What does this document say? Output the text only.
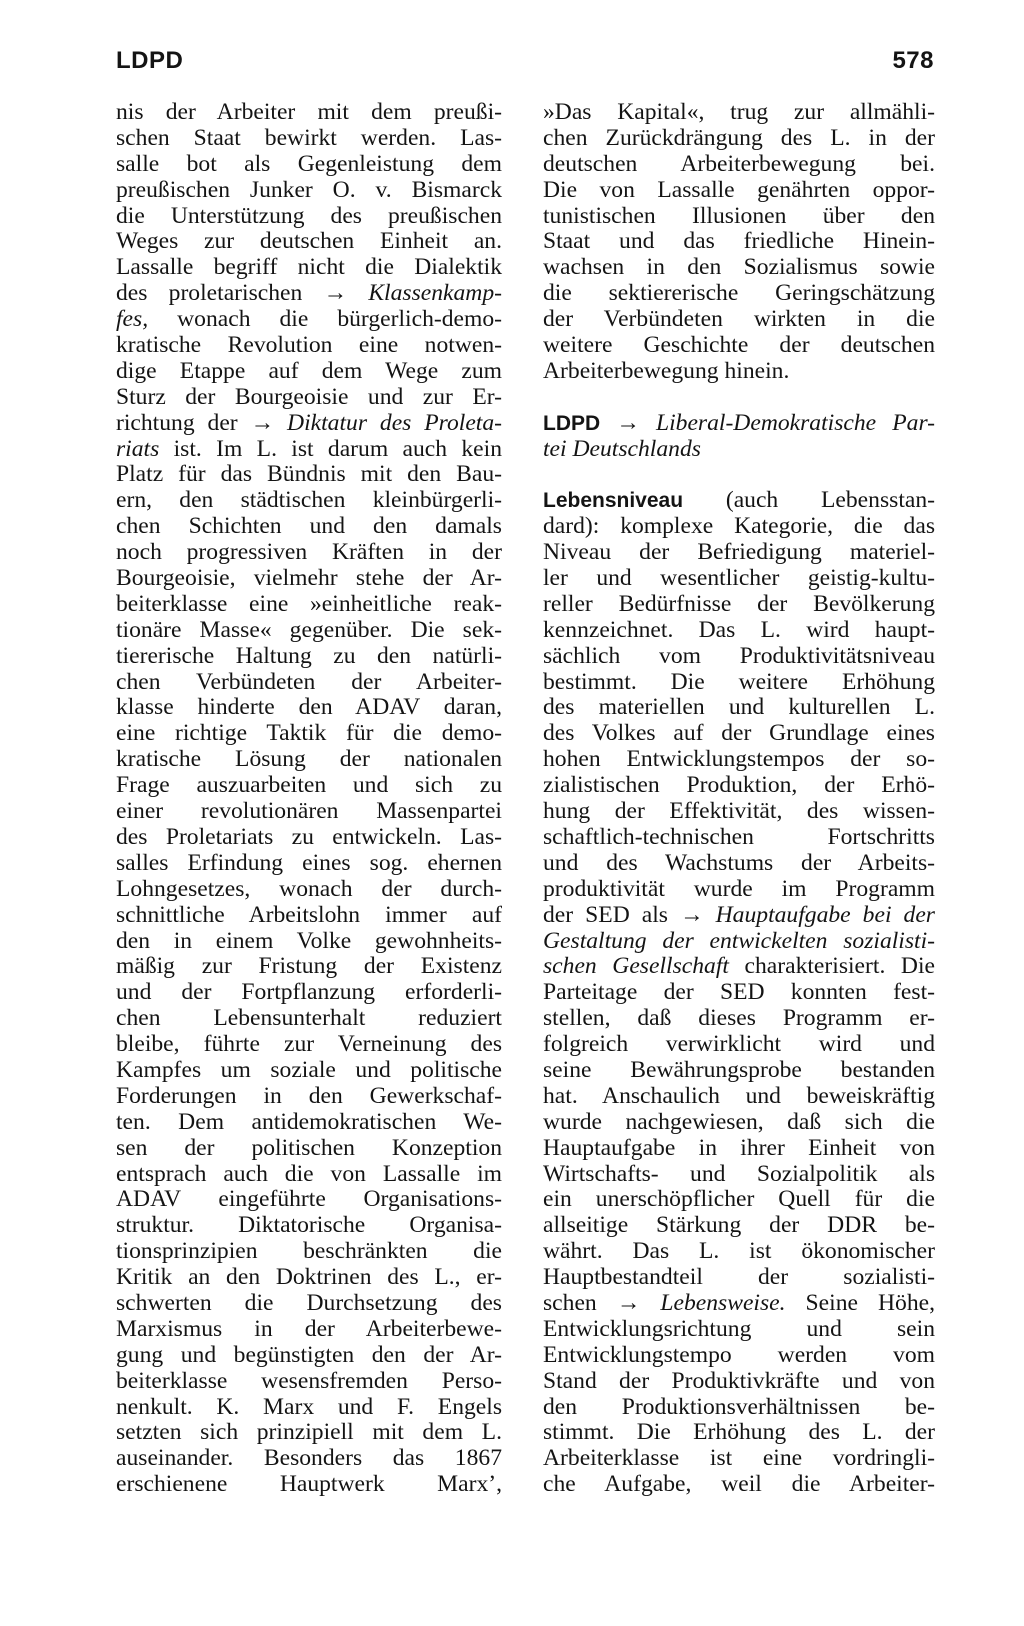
LDPD	578
nis der Arbeiter mit dem preußi-
schen Staat bewirkt werden. Las-
salle bot als Gegenleistung dem
preußischen Junker O. v. Bismarck
die Unterstützung des preußischen
Weges zur deutschen Einheit an.
Lassalle begriff nicht die Dialektik
des proletarischen → Klassenkamp-
fes, wonach die bürgerlich-demo-
kratische Revolution eine notwen-
dige Etappe auf dem Wege zum
Sturz der Bourgeoisie und zur Er-
richtung der → Diktatur des Proleta-
riats ist. Im L. ist darum auch kein
Platz für das Bündnis mit den Bau-
ern, den städtischen kleinbürgerli-
chen Schichten und den damals
noch progressiven Kräften in der
Bourgeoisie, vielmehr stehe der Ar-
beiterklasse eine »einheitliche reak-
tionäre Masse« gegenüber. Die sek-
tiererische Haltung zu den natürli-
chen Verbündeten der Arbeiter-
klasse hinderte den ADAV daran,
eine richtige Taktik für die demo-
kratische Lösung der nationalen
Frage auszuarbeiten und sich zu
einer revolutionären Massenpartei
des Proletariats zu entwickeln. Las-
salles Erfindung eines sog. ehernen
Lohngesetzes, wonach der durch-
schnittliche Arbeitslohn immer auf
den in einem Volke gewohnheits-
mäßig zur Fristung der Existenz
und der Fortpflanzung erforderli-
chen Lebensunterhalt reduziert
bleibe, führte zur Verneinung des
Kampfes um soziale und politische
Forderungen in den Gewerkschaf-
ten. Dem antidemokratischen We-
sen der politischen Konzeption
entsprach auch die von Lassalle im
ADAV eingeführte Organisations-
struktur. Diktatorische Organisa-
tionsprinzipien beschränkten die
Kritik an den Doktrinen des L., er-
schwerten die Durchsetzung des
Marxismus in der Arbeiterbewe-
gung und begünstigten den der Ar-
beiterklasse wesensfremden Perso-
nenkult. K. Marx und F. Engels
setzten sich prinzipiell mit dem L.
auseinander. Besonders das 1867
erschienene Hauptwerk Marx’,
»Das Kapital«, trug zur allmähli-
chen Zurückdrängung des L. in der
deutschen Arbeiterbewegung bei.
Die von Lassalle genährten oppor-
tunistischen Illusionen über den
Staat und das friedliche Hinein-
wachsen in den Sozialismus sowie
die sektiererische Geringschätzung
der Verbündeten wirkten in die
weitere Geschichte der deutschen
Arbeiterbewegung hinein.
LDPD → Liberal-Demokratische Par-
tei Deutschlands
Lebensniveau (auch Lebensstan-
dard): komplexe Kategorie, die das
Niveau der Befriedigung materiel-
ler und wesentlicher geistig-kultu-
reller Bedürfnisse der Bevölkerung
kennzeichnet. Das L. wird haupt-
sächlich vom Produktivitätsniveau
bestimmt. Die weitere Erhöhung
des materiellen und kulturellen L.
des Volkes auf der Grundlage eines
hohen Entwicklungstempos der so-
zialistischen Produktion, der Erhö-
hung der Effektivität, des wissen-
schaftlich-technischen Fortschritts
und des Wachstums der Arbeits-
produktivität wurde im Programm
der SED als → Hauptaufgabe bei der
Gestaltung der entwickelten sozialisti-
schen Gesellschaft charakterisiert. Die
Parteitage der SED konnten fest-
stellen, daß dieses Programm er-
folgreich verwirklicht wird und
seine Bewährungsprobe bestanden
hat. Anschaulich und beweiskräftig
wurde nachgewiesen, daß sich die
Hauptaufgabe in ihrer Einheit von
Wirtschafts- und Sozialpolitik als
ein unerschöpflicher Quell für die
allseitige Stärkung der DDR be-
währt. Das L. ist ökonomischer
Hauptbestandteil der sozialisti-
schen → Lebensweise. Seine Höhe,
Entwicklungsrichtung und sein
Entwicklungstempo werden vom
Stand der Produktivkräfte und von
den Produktionsverhältnissen be-
stimmt. Die Erhöhung des L. der
Arbeiterklasse ist eine vordringli-
che Aufgabe, weil die Arbeiter-
